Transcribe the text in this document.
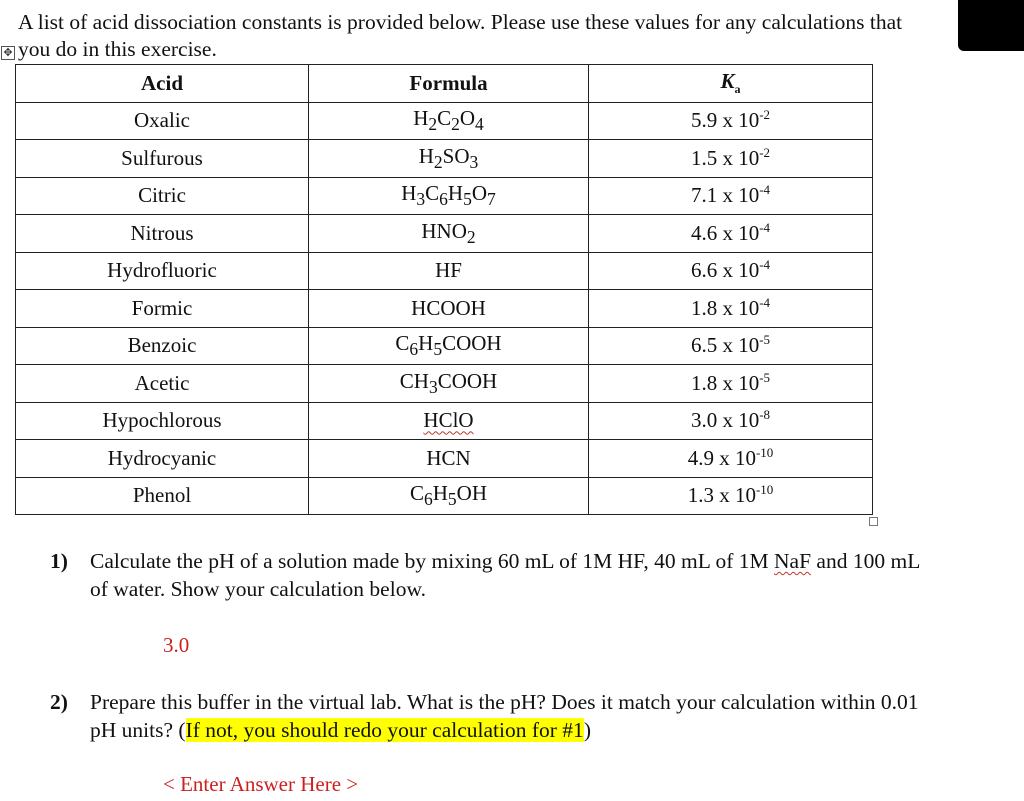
A list of acid dissociation constants is provided below. Please use these values for any calculations that you do in this exercise.
✥
Acid	Formula	$K_a$
Oxalic	$H_2C_2O_4$	5.9 x $10^{-2}$
Sulfurous	$H_2SO_3$	1.5 x $10^{-2}$
Citric	$H_3C_6H_5O_7$	7.1 x $10^{-4}$
Nitrous	$HNO_2$	4.6 x $10^{-4}$
Hydrofluoric	HF	6.6 x $10^{-4}$
Formic	HCOOH	1.8 x $10^{-4}$
Benzoic	$C_6H_5COOH$	6.5 x $10^{-5}$
Acetic	$CH_3COOH$	1.8 x $10^{-5}$
Hypochlorous	HClO	3.0 x $10^{-8}$
Hydrocyanic	HCN	4.9 x $10^{-10}$
Phenol	$C_6H_5OH$	1.3 x $10^{-10}$
1) Calculate the pH of a solution made by mixing 60 mL of 1M HF, 40 mL of 1M NaF and 100 mL of water. Show your calculation below.
3.0
2) Prepare this buffer in the virtual lab. What is the pH? Does it match your calculation within 0.01 pH units? (If not, you should redo your calculation for #1)
< Enter Answer Here >
